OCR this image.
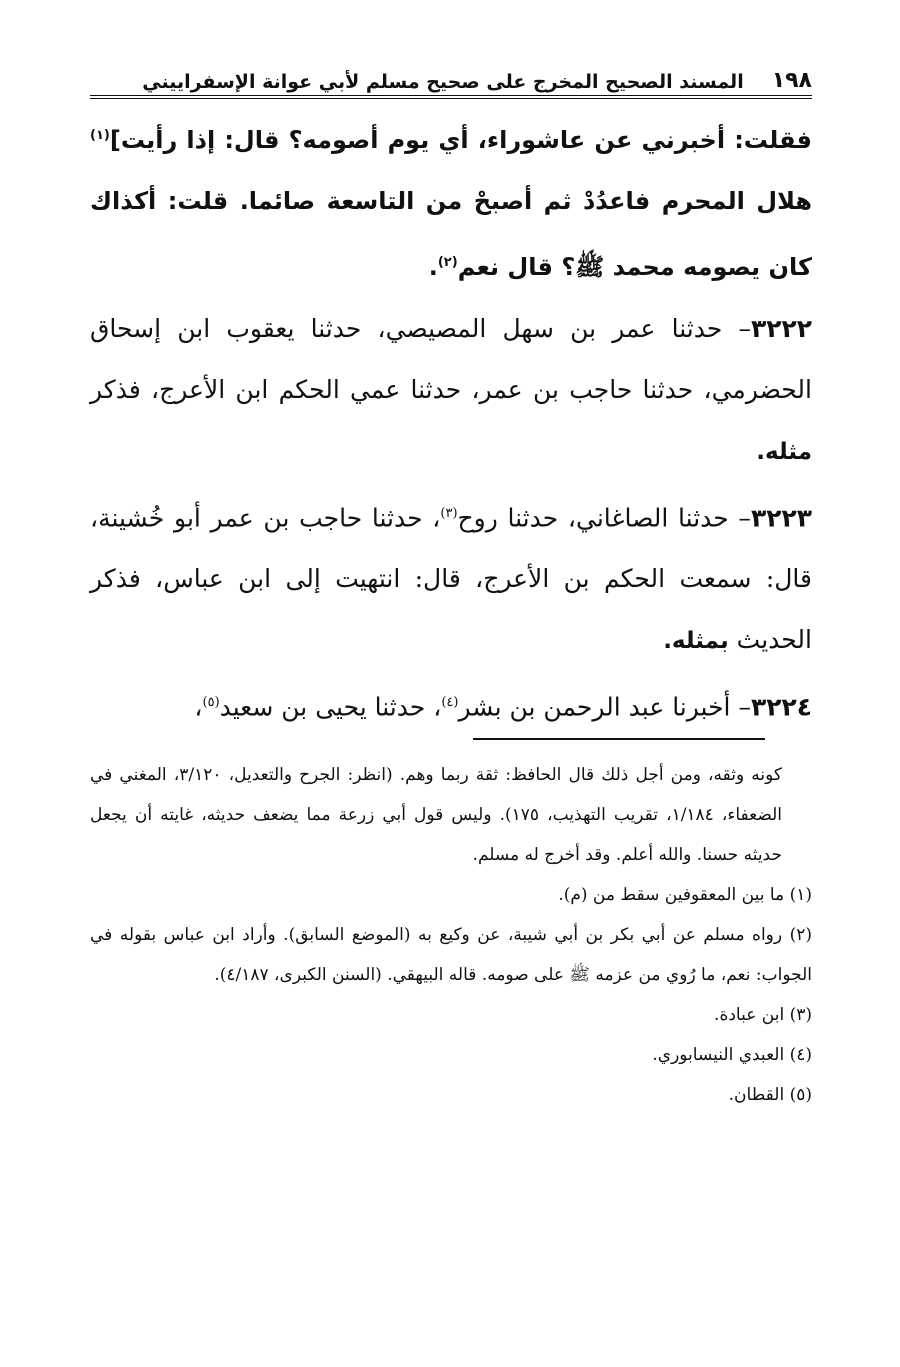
١٩٨
المسند الصحيح المخرج على صحيح مسلم لأبي عوانة الإسفراييني

فقلت: أخبرني عن عاشوراء، أي يوم أصومه؟ قال: إذا رأيت]$^{(١)}$ هلال المحرم فاعدُدْ ثم أصبحْ من التاسعة صائما. قلت: أكذاك كان يصومه محمد ﷺ؟ قال نعم$^{(٢)}$.

٣٢٢٢– حدثنا عمر بن سهل المصيصي، حدثنا يعقوب ابن إسحاق الحضرمي، حدثنا حاجب بن عمر، حدثنا عمي الحكم ابن الأعرج، فذكر مثله.

٣٢٢٣– حدثنا الصاغاني، حدثنا روح$^{(٣)}$، حدثنا حاجب بن عمر أبو خُشينة، قال: سمعت الحكم بن الأعرج، قال: انتهيت إلى ابن عباس، فذكر الحديث بمثله.

٣٢٢٤– أخبرنا عبد الرحمن بن بشر$^{(٤)}$، حدثنا يحيى بن سعيد$^{(٥)}$،

كونه وثقه، ومن أجل ذلك قال الحافظ: ثقة ربما وهم. (انظر: الجرح والتعديل، ٣/١٢٠، المغني في الضعفاء، ١/١٨٤، تقريب التهذيب، ١٧٥). وليس قول أبي زرعة مما يضعف حديثه، غايته أن يجعل حديثه حسنا. والله أعلم. وقد أخرج له مسلم.

(١) ما بين المعقوفين سقط من (م).

(٢) رواه مسلم عن أبي بكر بن أبي شيبة، عن وكيع به (الموضع السابق). وأراد ابن عباس بقوله في الجواب: نعم، ما رُوي من عزمه ﷺ على صومه. قاله البيهقي. (السنن الكبرى، ٤/١٨٧).

(٣) ابن عبادة.

(٤) العبدي النيسابوري.

(٥) القطان.
